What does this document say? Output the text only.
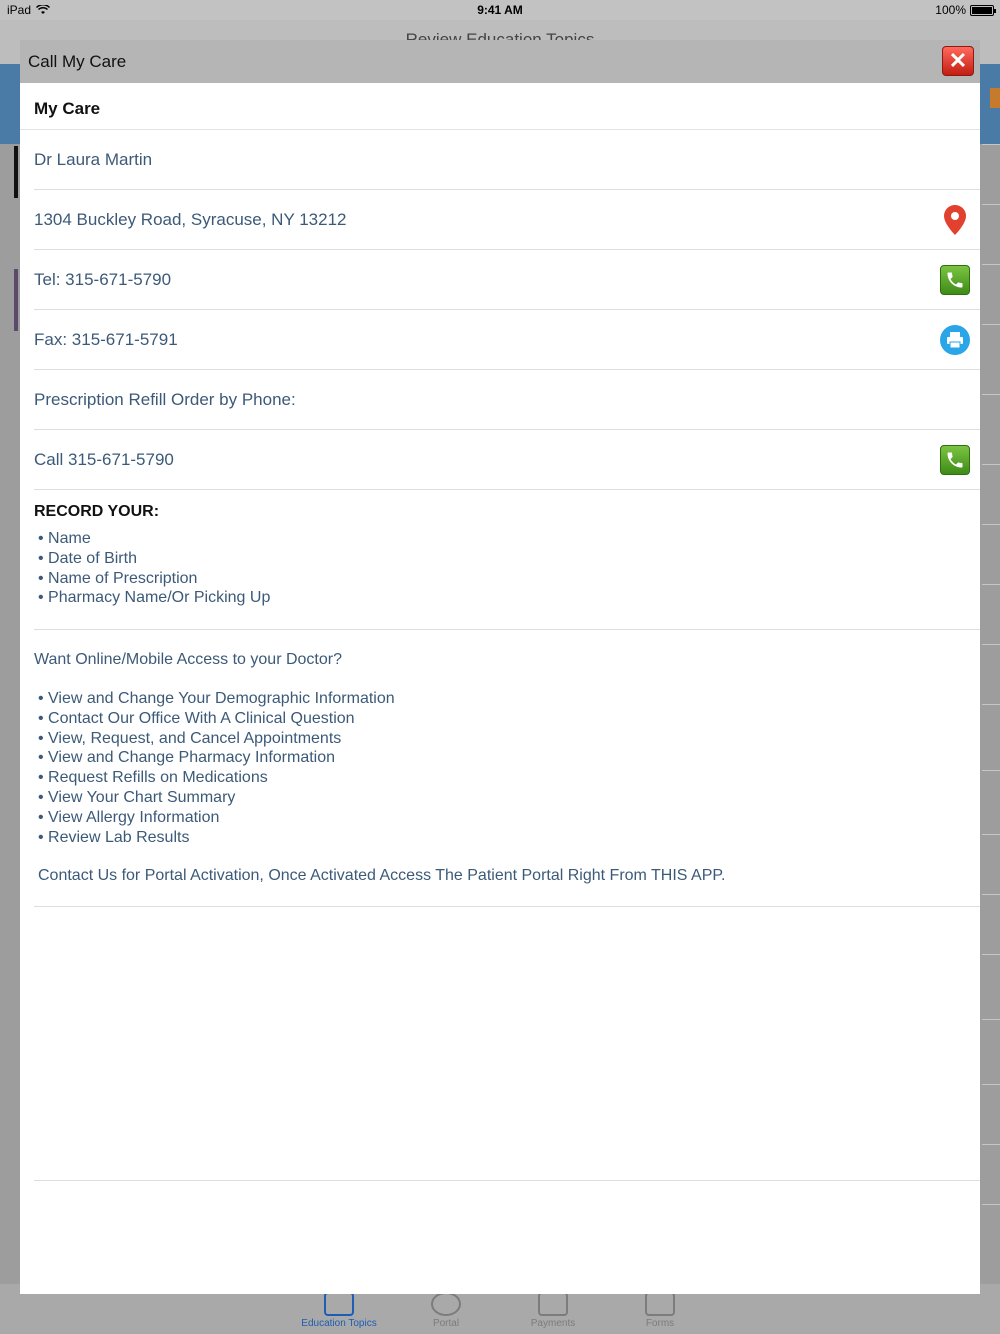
iPad	9:41 AM	100%
Education Topics	Portal	Payments	Forms
Call My Care	✕
My Care
Dr Laura Martin
1304 Buckley Road, Syracuse, NY 13212
Tel: 315-671-5790
Fax: 315-671-5791
Prescription Refill Order by Phone:
Call 315-671-5790
RECORD YOUR:
• Name
• Date of Birth
• Name of Prescription
• Pharmacy Name/Or Picking Up
Want Online/Mobile Access to your Doctor?
• View and Change Your Demographic Information
• Contact Our Office With A Clinical Question
• View, Request, and Cancel Appointments
• View and Change Pharmacy Information
• Request Refills on Medications
• View Your Chart Summary
• View Allergy Information
• Review Lab Results
Contact Us for Portal Activation, Once Activated Access The Patient Portal Right From THIS APP.
